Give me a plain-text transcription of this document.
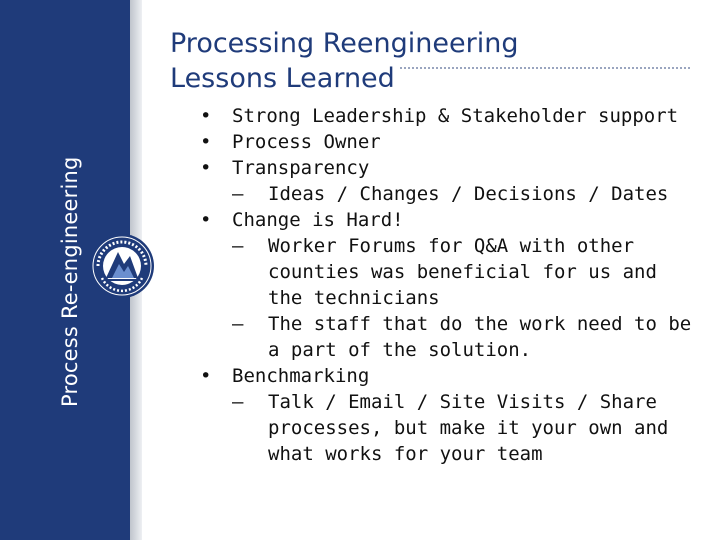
Process Re-engineering
Processing Reengineering
Lessons Learned
•	Strong Leadership & Stakeholder support
•	Process Owner
•	Transparency
–	Ideas / Changes / Decisions / Dates
•	Change is Hard!
–	Worker Forums for Q&A with other counties was beneficial for us and the technicians
–	The staff that do the work need to be a part of the solution.
•	Benchmarking
–	Talk / Email / Site Visits / Share processes, but make it your own and what works for your team
